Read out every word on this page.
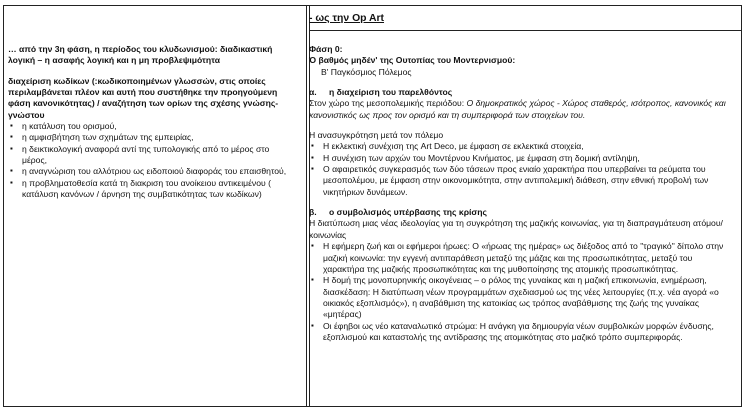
… από την 3η φάση, η περίοδος του κλυδωνισμού: διαδικαστική λογική – η ασαφής λογική και η μη προβλεψιμότητα

διαχείριση κωδίκων (:κωδικοποιημένων γλωσσών, στις οποίες περιλαμβάνεται πλέον και αυτή που συστήθηκε την προηγούμενη φάση κανονικότητας) / αναζήτηση των ορίων της σχέσης γνώσης-γνώστου

▪ η κατάλυση του ορισμού,
▪ η αμφισβήτηση των σχημάτων της εμπειρίας,
▪ η δεικτικολογική αναφορά αντί της τυπολογικής από το μέρος στο μέρος,
▪ η αναγνώριση του αλλότριου ως ειδοποιού διαφοράς του επαισθητού,
▪ η προβληματοθεσία κατά τη διακριση του ανοίκειου αντικειμένου ( κατάλυση κανόνων / άρνηση της συμβατικότητας των κωδίκων)

- ως την Op Art

Φάση 0:

Ό βαθμός μηδέν' της Ουτοπίας του Μοντερνισμού:

Β' Παγκόσμιος Πόλεμος

α.	η διαχείριση του παρελθόντος

Στον χώρο της μεσοπολεμικής περιόδου: Ο δημοκρατικός χώρος - Χώρος σταθερός, ισότροπος, κανονικός και κανονιστικός ως προς τον ορισμό και τη συμπεριφορά των στοιχείων του.

Η ανασυγκρότηση μετά τον πόλεμο

▪ Η εκλεκτική συνέχιση της Art Deco, με έμφαση σε εκλεκτικά στοιχεία,
▪ Η συνέχιση των αρχών του Μοντέρνου Κινήματος, με έμφαση στη δομική αντίληψη,
▪ Ο αφαιρετικός συγκερασμός των δύο τάσεων προς ενιαίο χαρακτήρα που υπερβαίνει τα ρεύματα του μεσοπολέμου, με έμφαση στην οικονομικότητα, στην αντιπολεμική διάθεση, στην εθνική προβολή των νικητήριων δυνάμεων.

β.	ο συμβολισμός υπέρβασης της κρίσης

Η διατύπωση μιας νέας ιδεολογίας για τη συγκρότηση της μαζικής κοινωνίας, για τη διαπραγμάτευση ατόμου/κοινωνίας

▪ Η εφήμερη ζωή και οι εφήμεροι ήρωες: Ο «ήρωας της ημέρας» ως διέξοδος από το "τραγικό" δίπολο στην μαζική κοινωνία: την εγγενή αντιπαράθεση μεταξύ της μάζας και της προσωπικότητας, μεταξύ του χαρακτήρα της μαζικής προσωπικότητας και της μυθοποίησης της ατομικής προσωπικότητας.
▪ Η δομή της μονοπυρηνικής οικογένειας – ο ρόλος της γυναίκας και η μαζική επικοινωνία, ενημέρωση, διασκέδαση: Η διατύπωση νέων προγραμμάτων σχεδιασμού ως της νέες λειτουργίες (π.χ. νέα αγορά «ο οικιακός εξοπλισμός»), η αναβάθμιση της κατοικίας ως τρόπος αναβάθμισης της ζωής της γυναίκας «μητέρας)
▪ Οι έφηβοι ως νέο καταναλωτικό στρώμα: Η ανάγκη για δημιουργία νέων συμβολικών μορφών ένδυσης, εξοπλισμού και καταστολής της αντίδρασης της ατομικότητας στο μαζικό τρόπο συμπεριφοράς.
